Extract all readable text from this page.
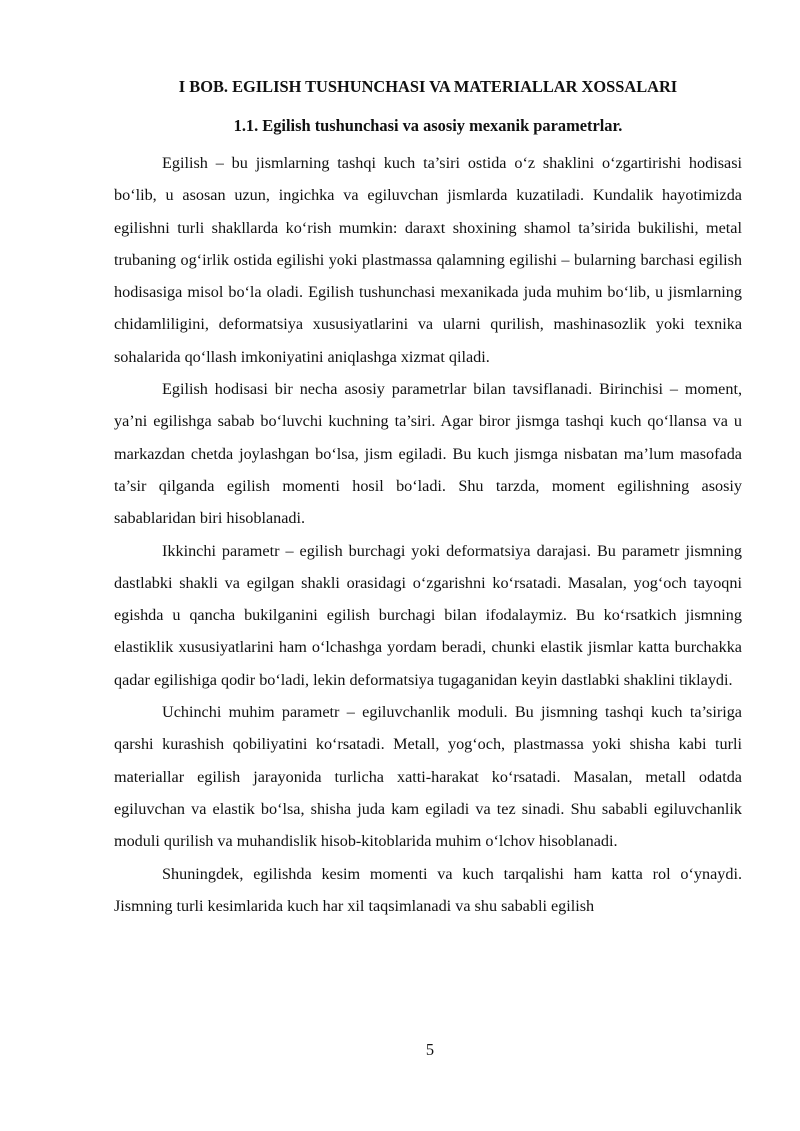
I BOB. EGILISH TUSHUNCHASI VA MATERIALLAR XOSSALARI
1.1. Egilish tushunchasi va asosiy mexanik parametrlar.

Egilish – bu jismlarning tashqi kuch ta’siri ostida o‘z shaklini o‘zgartirishi hodisasi bo‘lib, u asosan uzun, ingichka va egiluvchan jismlarda kuzatiladi. Kundalik hayotimizda egilishni turli shakllarda ko‘rish mumkin: daraxt shoxining shamol ta’sirida bukilishi, metal trubaning og‘irlik ostida egilishi yoki plastmassa qalamning egilishi – bularning barchasi egilish hodisasiga misol bo‘la oladi. Egilish tushunchasi mexanikada juda muhim bo‘lib, u jismlarning chidamliligini, deformatsiya xususiyatlarini va ularni qurilish, mashinasozlik yoki texnika sohalarida qo‘llash imkoniyatini aniqlashga xizmat qiladi.

Egilish hodisasi bir necha asosiy parametrlar bilan tavsiflanadi. Birinchisi – moment, ya’ni egilishga sabab bo‘luvchi kuchning ta’siri. Agar biror jismga tashqi kuch qo‘llansa va u markazdan chetda joylashgan bo‘lsa, jism egiladi. Bu kuch jismga nisbatan ma’lum masofada ta’sir qilganda egilish momenti hosil bo‘ladi. Shu tarzda, moment egilishning asosiy sabablaridan biri hisoblanadi.

Ikkinchi parametr – egilish burchagi yoki deformatsiya darajasi. Bu parametr jismning dastlabki shakli va egilgan shakli orasidagi o‘zgarishni ko‘rsatadi. Masalan, yog‘och tayoqni egishda u qancha bukilganini egilish burchagi bilan ifodalaymiz. Bu ko‘rsatkich jismning elastiklik xususiyatlarini ham o‘lchashga yordam beradi, chunki elastik jismlar katta burchakka qadar egilishiga qodir bo‘ladi, lekin deformatsiya tugaganidan keyin dastlabki shaklini tiklaydi.

Uchinchi muhim parametr – egiluvchanlik moduli. Bu jismning tashqi kuch ta’siriga qarshi kurashish qobiliyatini ko‘rsatadi. Metall, yog‘och, plastmassa yoki shisha kabi turli materiallar egilish jarayonida turlicha xatti-harakat ko‘rsatadi. Masalan, metall odatda egiluvchan va elastik bo‘lsa, shisha juda kam egiladi va tez sinadi. Shu sababli egiluvchanlik moduli qurilish va muhandislik hisob-kitoblarida muhim o‘lchov hisoblanadi.

Shuningdek, egilishda kesim momenti va kuch tarqalishi ham katta rol o‘ynaydi. Jismning turli kesimlarida kuch har xil taqsimlanadi va shu sababli egilish

5
